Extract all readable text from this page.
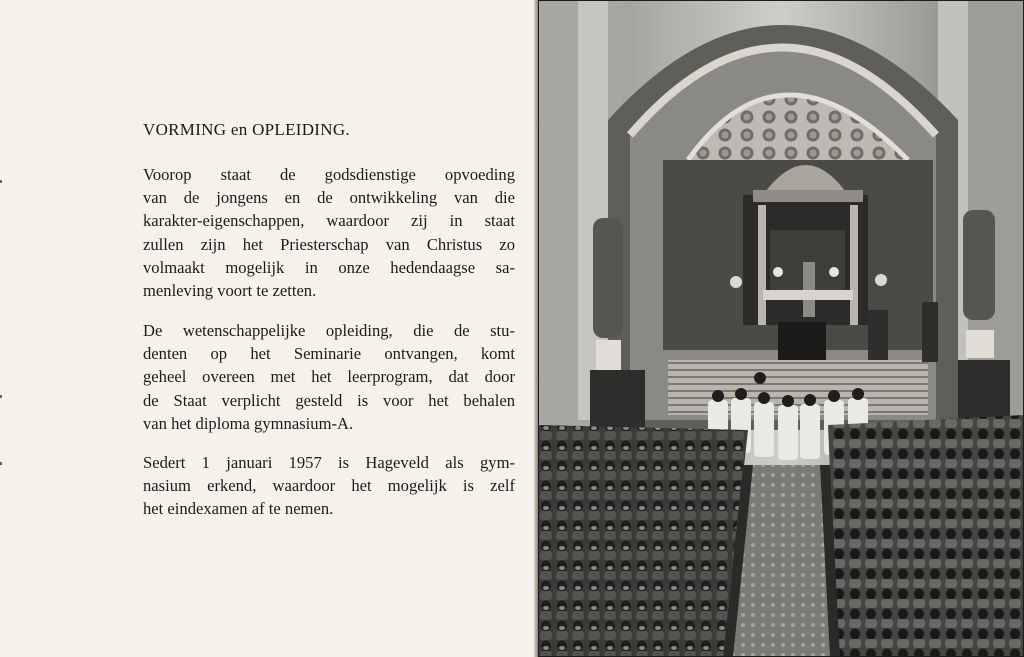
VORMING en OPLEIDING.

Voorop staat de godsdienstige opvoeding
van de jongens en de ontwikkeling van die
karakter-eigenschappen, waardoor zij in staat
zullen zijn het Priesterschap van Christus zo
volmaakt mogelijk in onze hedendaagse sa-
menleving voort te zetten.

De wetenschappelijke opleiding, die de stu-
denten op het Seminarie ontvangen, komt
geheel overeen met het leerprogram, dat door
de Staat verplicht gesteld is voor het behalen
van het diploma gymnasium-A.

Sedert 1 januari 1957 is Hageveld als gym-
nasium erkend, waardoor het mogelijk is zelf
het eindexamen af te nemen.
